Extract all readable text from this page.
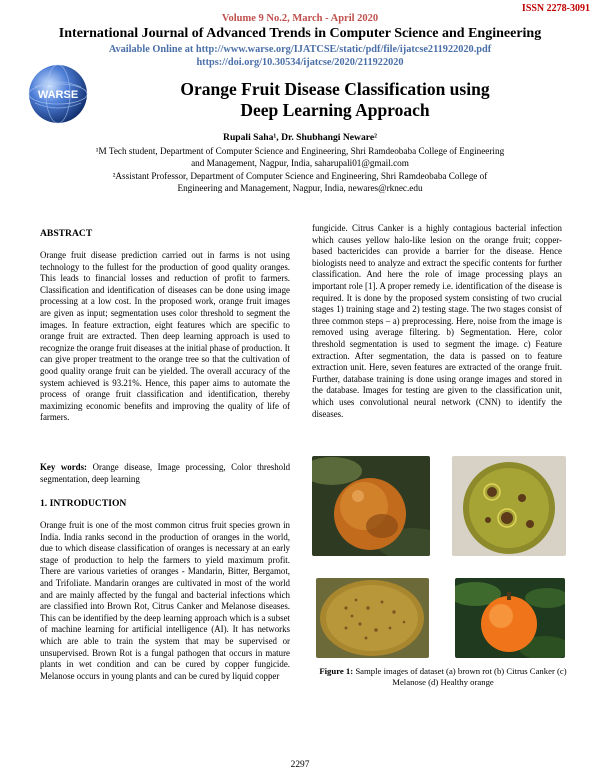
ISSN 2278-3091
Volume 9 No.2, March - April 2020
International Journal of Advanced Trends in Computer Science and Engineering
Available Online at http://www.warse.org/IJATCSE/static/pdf/file/ijatcse211922020.pdf
https://doi.org/10.30534/ijatcse/2020/211922020
WARSE	Orange Fruit Disease Classification using
Deep Learning Approach
Rupali Saha¹, Dr. Shubhangi Neware²
¹M Tech student, Department of Computer Science and Engineering, Shri Ramdeobaba College of Engineering
and Management, Nagpur, India, saharupali01@gmail.com
²Assistant Professor, Department of Computer Science and Engineering, Shri Ramdeobaba College of
Engineering and Management, Nagpur, India, newares@rknec.edu
ABSTRACT

Orange fruit disease prediction carried out in farms is not using technology to the fullest for the production of good quality oranges. This leads to financial losses and reduction of profit to farmers. Classification and identification of diseases can be done using image processing at a low cost. In the proposed work, orange fruit images are given as input; segmentation uses color threshold to segment the images. In feature extraction, eight features which are specific to orange fruit are extracted. Then deep learning approach is used to recognize the orange fruit diseases at the initial phase of production. It can give proper treatment to the orange tree so that the cultivation of good quality orange fruit can be yielded. The overall accuracy of the system achieved is 93.21%. Hence, this paper aims to automate the process of orange fruit classification and identification, thereby maximizing economic benefits and improving the quality of life of farmers.

Key words: Orange disease, Image processing, Color threshold segmentation, deep learning

1. INTRODUCTION

Orange fruit is one of the most common citrus fruit species grown in India. India ranks second in the production of oranges in the world, due to which disease classification of oranges is necessary at an early stage of production to help the farmers to yield maximum profit. There are various varieties of oranges - Mandarin, Bitter, Bergamot, and Trifoliate. Mandarin oranges are cultivated in most of the world and are mainly affected by the fungal and bacterial infections which are classified into Brown Rot, Citrus Canker and Melanose diseases. This can be identified by the deep learning approach which is a subset of machine learning for artificial intelligence (AI). It has networks which are able to train the system that may be supervised or unsupervised. Brown Rot is a fungal pathogen that occurs in mature plants in wet condition and can be cured by copper fungicide. Melanose occurs in young plants and can be cured by liquid copper

fungicide. Citrus Canker is a highly contagious bacterial infection which causes yellow halo-like lesion on the orange fruit; copper-based bactericides can provide a barrier for the disease. Hence biologists need to analyze and extract the specific contents for further classification. And here the role of image processing plays an important role [1]. A proper remedy i.e. identification of the disease is required. It is done by the proposed system consisting of two crucial stages 1) training stage and 2) testing stage. The two stages consist of three common steps – a) preprocessing. Here, noise from the image is removed using average filtering. b) Segmentation. Here, color threshold segmentation is used to segment the image. c) Feature extraction. After segmentation, the data is passed on to feature extraction unit. Here, seven features are extracted of the orange fruit. Further, database training is done using orange images and stored in the database. Images for testing are given to the classification unit, which uses convolutional neural network (CNN) to identify the diseases.

Figure 1: Sample images of dataset (a) brown rot (b) Citrus Canker (c) Melanose (d) Healthy orange
2297
